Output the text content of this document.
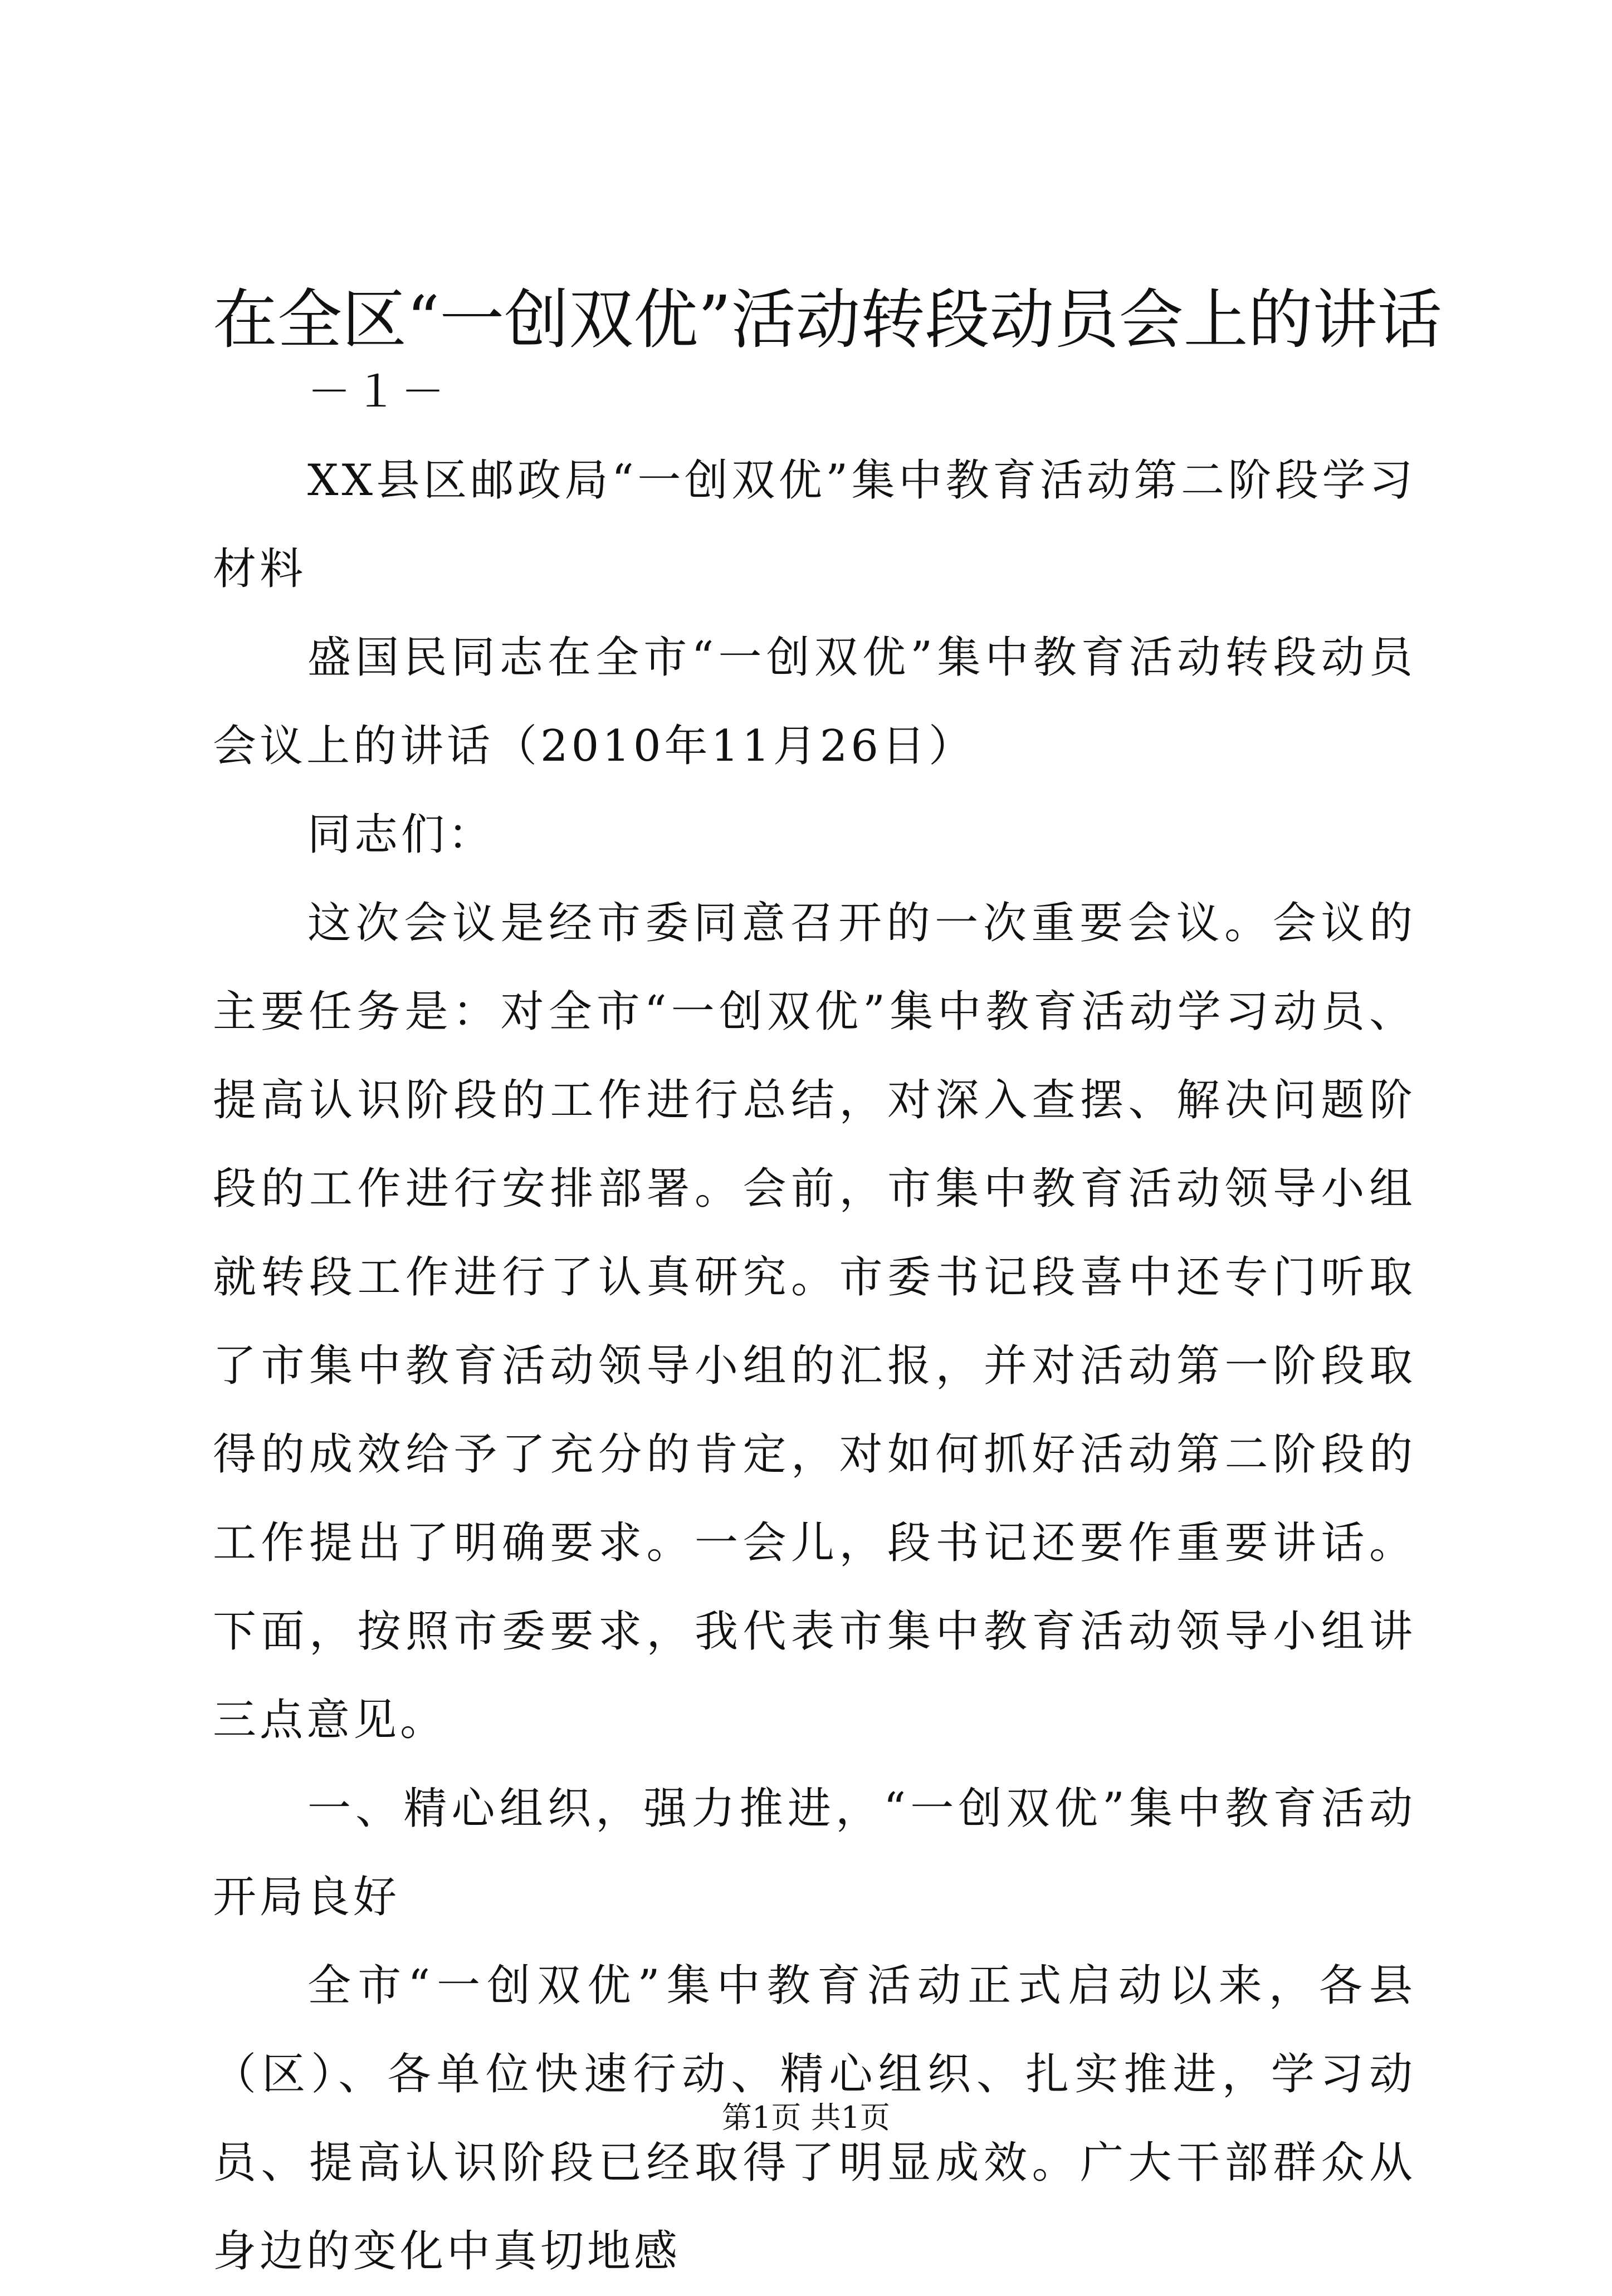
在全区“一创双优”活动转段动员会上的讲话

－１－

XX县区邮政局“一创双优”集中教育活动第二阶段学习材料

盛国民同志在全市“一创双优”集中教育活动转段动员会议上的讲话（2010年11月26日）

同志们：

这次会议是经市委同意召开的一次重要会议。会议的主要任务是：对全市“一创双优”集中教育活动学习动员、提高认识阶段的工作进行总结，对深入查摆、解决问题阶段的工作进行安排部署。会前，市集中教育活动领导小组就转段工作进行了认真研究。市委书记段喜中还专门听取了市集中教育活动领导小组的汇报，并对活动第一阶段取得的成效给予了充分的肯定，对如何抓好活动第二阶段的工作提出了明确要求。一会儿，段书记还要作重要讲话。下面，按照市委要求，我代表市集中教育活动领导小组讲三点意见。

一、精心组织，强力推进，“一创双优”集中教育活动开局良好

全市“一创双优”集中教育活动正式启动以来，各县（区）、各单位快速行动、精心组织、扎实推进，学习动员、提高认识阶段已经取得了明显成效。广大干部群众从身边的变化中真切地感

第1页 共1页
